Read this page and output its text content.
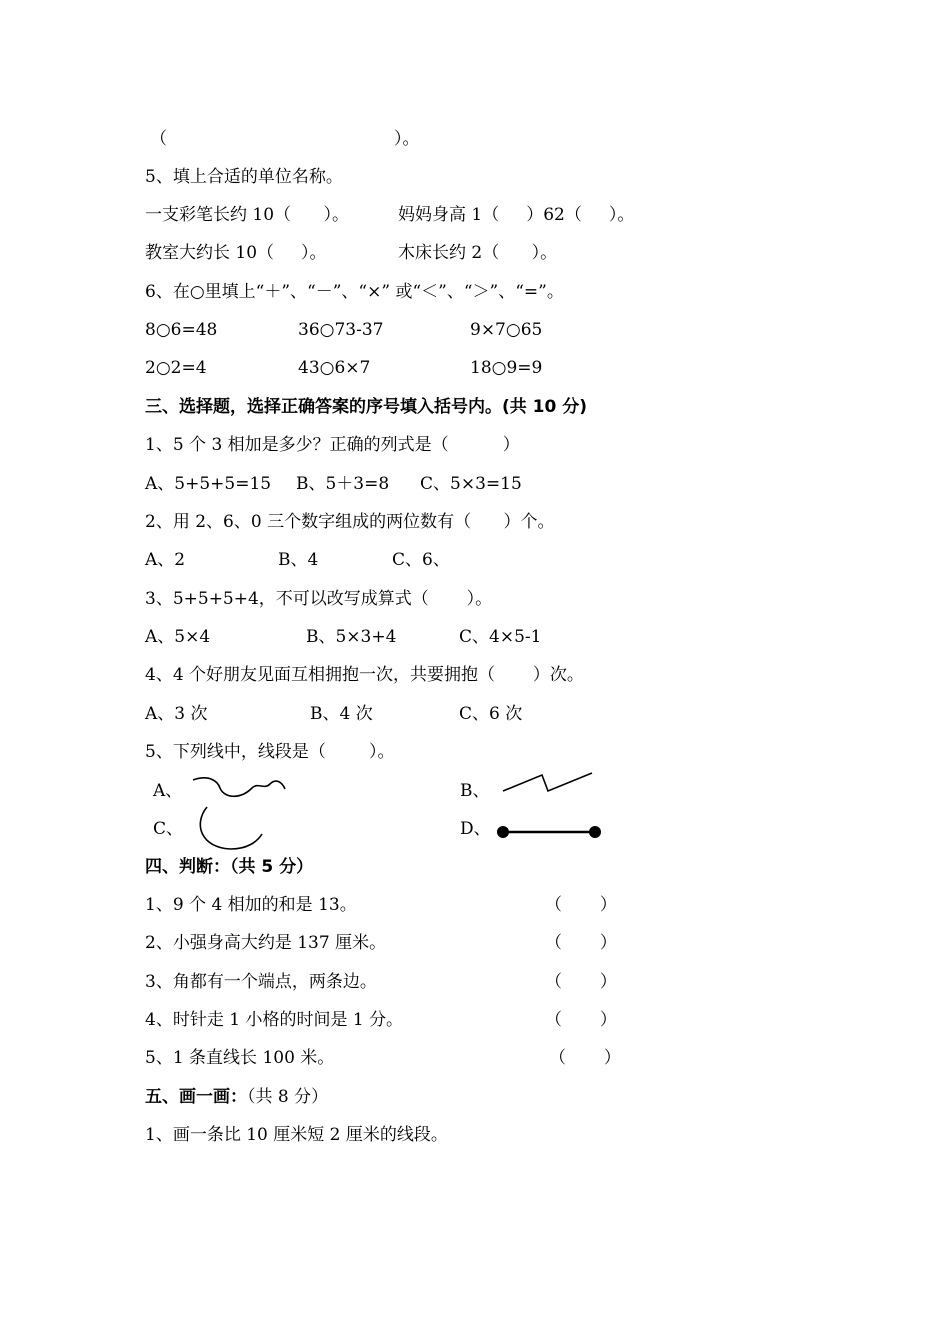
（	）。
5、填上合适的单位名称。
一支彩笔长约 10（      ）。	妈妈身高 1（     ）62（     ）。
教室大约长 10（     ）。	木床长约 2（      ）。
6、在○里填上“＋”、“－”、“×” 或“＜”、“＞”、“=”。
8○6=48	36○73-37	9×7○65
2○2=4	43○6×7	18○9=9
三、选择题，选择正确答案的序号填入括号内。(共 10 分)
1、5 个 3 相加是多少？正确的列式是（          ）
A、5+5+5=15 B、5＋3=8 C、5×3=15
2、用 2、6、0 三个数字组成的两位数有（      ）个。
A、2	B、4	C、6、
3、5+5+5+4，不可以改写成算式（       ）。
A、5×4	B、5×3+4	C、4×5-1
4、4 个好朋友见面互相拥抱一次，共要拥抱（       ）次。
A、3 次	B、4 次	C、6 次
5、下列线中，线段是（        ）。
A、	B、
C、	D、
四、判断：（共 5 分）
1、9 个 4 相加的和是 13。	（       ）
2、小强身高大约是 137 厘米。	（       ）
3、角都有一个端点，两条边。	（       ）
4、时针走 1 小格的时间是 1 分。	（       ）
5、1 条直线长 100 米。	（       ）
五、画一画：（共 8 分）
1、画一条比 10 厘米短 2 厘米的线段。
